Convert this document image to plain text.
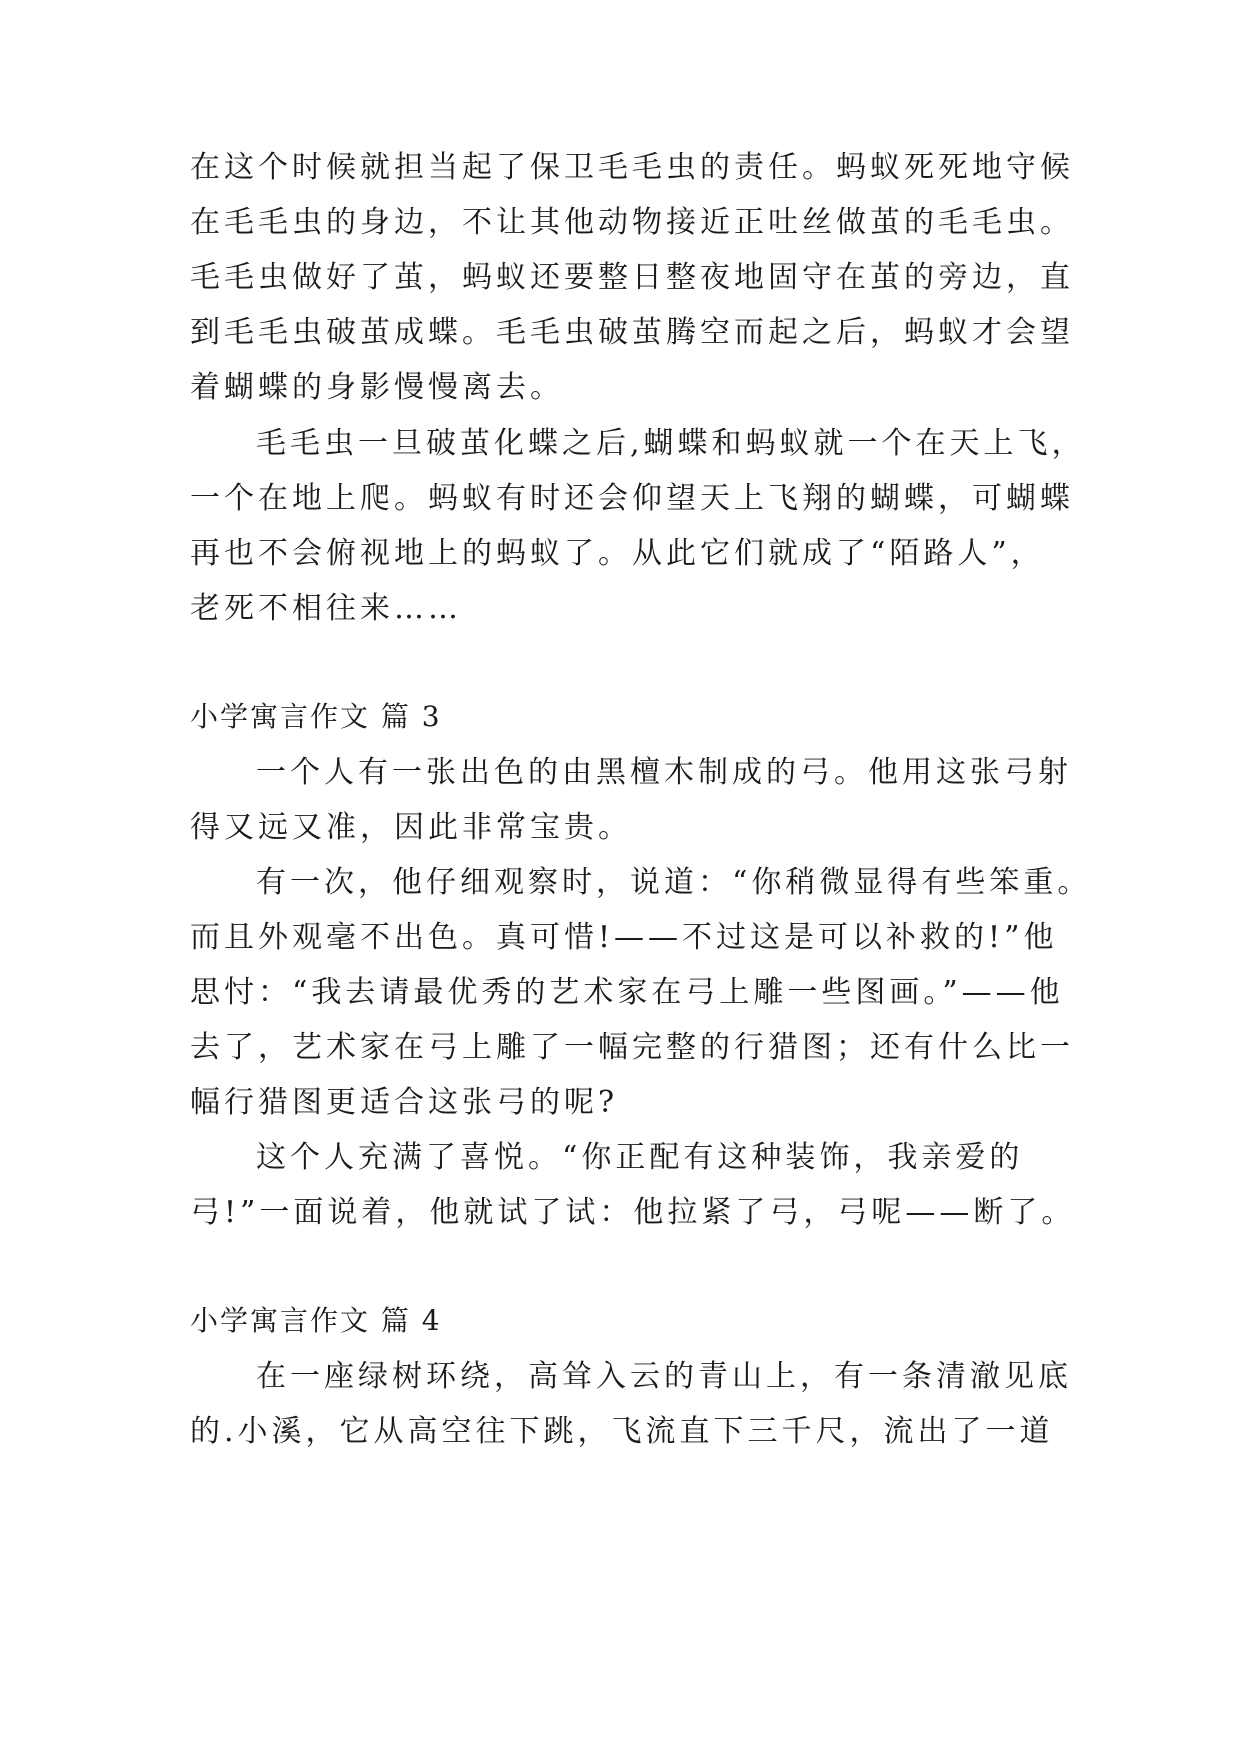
在这个时候就担当起了保卫毛毛虫的责任。蚂蚁死死地守候
在毛毛虫的身边，不让其他动物接近正吐丝做茧的毛毛虫。
毛毛虫做好了茧，蚂蚁还要整日整夜地固守在茧的旁边，直
到毛毛虫破茧成蝶。毛毛虫破茧腾空而起之后，蚂蚁才会望
着蝴蝶的身影慢慢离去。
毛毛虫一旦破茧化蝶之后,蝴蝶和蚂蚁就一个在天上飞，
一个在地上爬。蚂蚁有时还会仰望天上飞翔的蝴蝶，可蝴蝶
再也不会俯视地上的蚂蚁了。从此它们就成了“陌路人”，
老死不相往来……
小学寓言作文 篇 3
一个人有一张出色的由黑檀木制成的弓。他用这张弓射
得又远又准，因此非常宝贵。
有一次，他仔细观察时，说道：“你稍微显得有些笨重。
而且外观毫不出色。真可惜!——不过这是可以补救的!”他
思忖：“我去请最优秀的艺术家在弓上雕一些图画。”——他
去了，艺术家在弓上雕了一幅完整的行猎图；还有什么比一
幅行猎图更适合这张弓的呢?
这个人充满了喜悦。“你正配有这种装饰，我亲爱的
弓!”一面说着，他就试了试：他拉紧了弓，弓呢——断了。
小学寓言作文 篇 4
在一座绿树环绕，高耸入云的青山上，有一条清澈见底
的.小溪，它从高空往下跳，飞流直下三千尺，流出了一道
